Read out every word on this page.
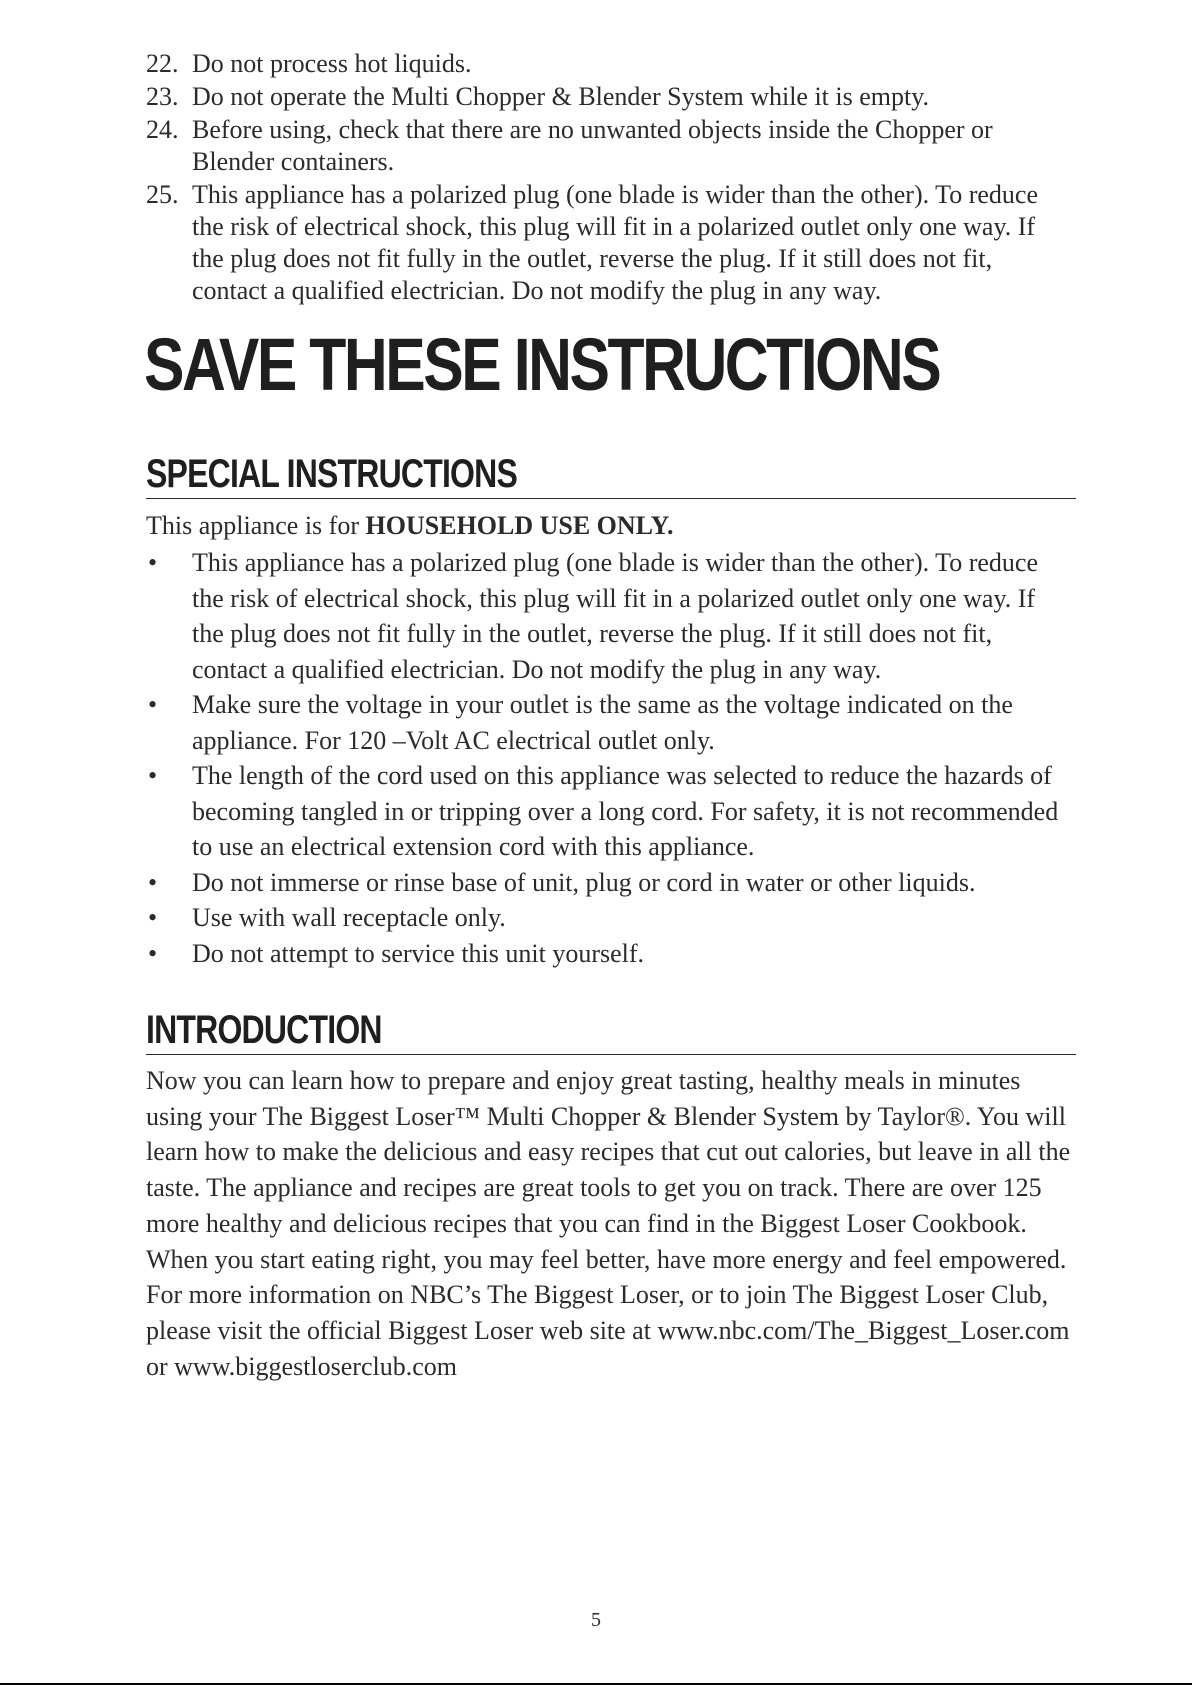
22. Do not process hot liquids.
23. Do not operate the Multi Chopper & Blender System while it is empty.
24. Before using, check that there are no unwanted objects inside the Chopper or Blender containers.
25. This appliance has a polarized plug (one blade is wider than the other). To reduce the risk of electrical shock, this plug will fit in a polarized outlet only one way. If the plug does not fit fully in the outlet, reverse the plug. If it still does not fit, contact a qualified electrician. Do not modify the plug in any way.
SAVE THESE INSTRUCTIONS
SPECIAL INSTRUCTIONS
This appliance is for HOUSEHOLD USE ONLY.
• This appliance has a polarized plug (one blade is wider than the other). To reduce the risk of electrical shock, this plug will fit in a polarized outlet only one way. If the plug does not fit fully in the outlet, reverse the plug. If it still does not fit, contact a qualified electrician. Do not modify the plug in any way.
• Make sure the voltage in your outlet is the same as the voltage indicated on the appliance. For 120 –Volt AC electrical outlet only.
• The length of the cord used on this appliance was selected to reduce the hazards of becoming tangled in or tripping over a long cord. For safety, it is not recommended to use an electrical extension cord with this appliance.
• Do not immerse or rinse base of unit, plug or cord in water or other liquids.
• Use with wall receptacle only.
• Do not attempt to service this unit yourself.
INTRODUCTION

Now you can learn how to prepare and enjoy great tasting, healthy meals in minutes using your The Biggest Loser™ Multi Chopper & Blender System by Taylor®. You will learn how to make the delicious and easy recipes that cut out calories, but leave in all the taste. The appliance and recipes are great tools to get you on track. There are over 125 more healthy and delicious recipes that you can find in the Biggest Loser Cookbook. When you start eating right, you may feel better, have more energy and feel empowered. For more information on NBC’s The Biggest Loser, or to join The Biggest Loser Club, please visit the official Biggest Loser web site at www.nbc.com/The_Biggest_Loser.com or www.biggestloserclub.com

5
